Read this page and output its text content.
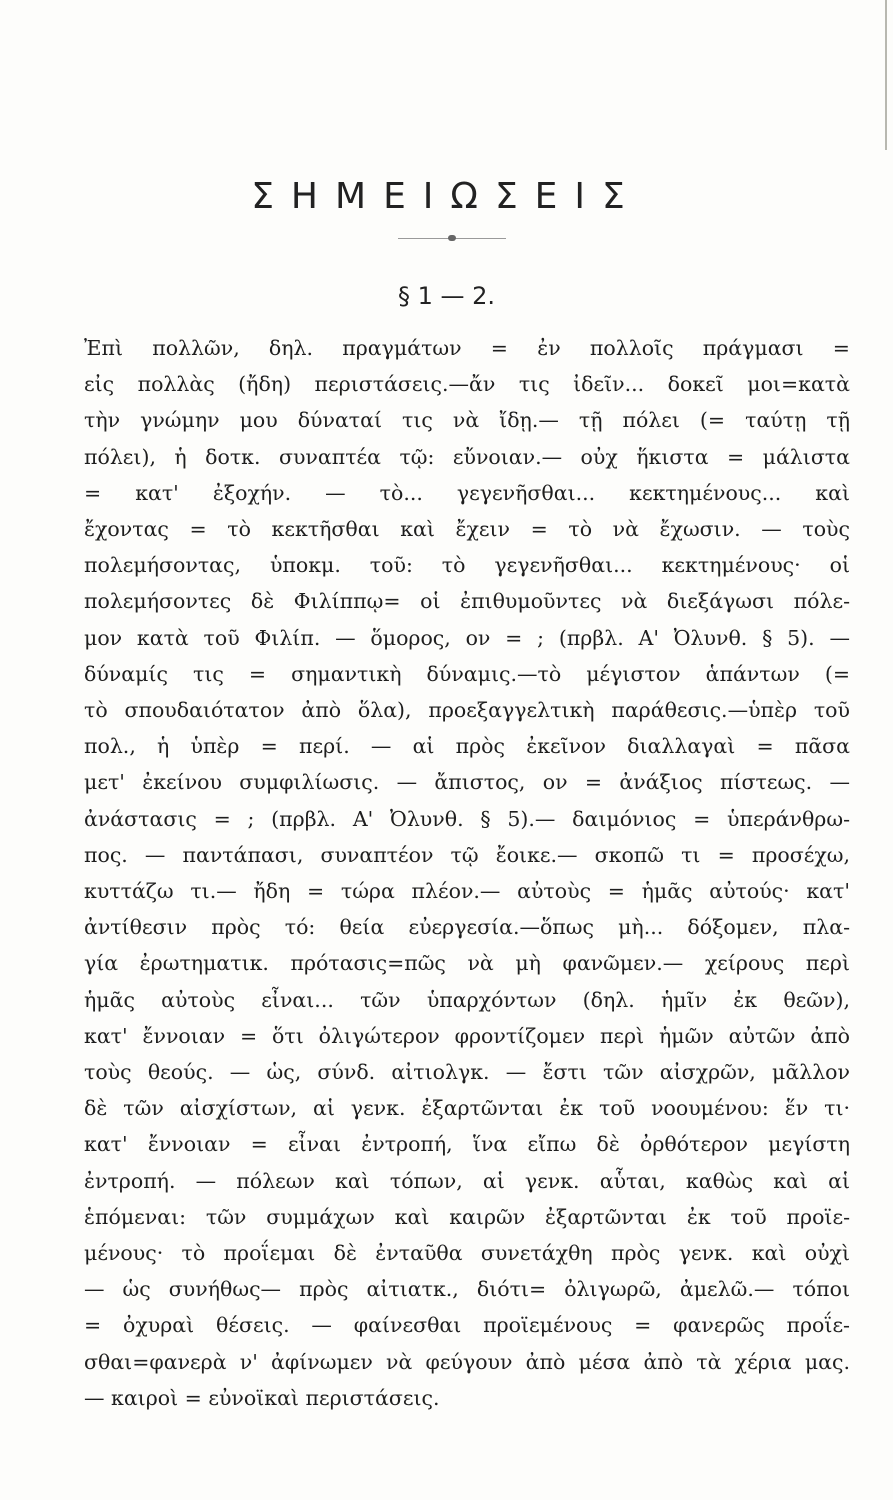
ΣΗΜΕΙΩΣΕΙΣ
§ 1 — 2.
Ἐπὶ πολλῶν, δηλ. πραγμάτων = ἐν πολλοῖς πράγμασι =
εἰς πολλὰς (ἤδη) περιστάσεις.—ἄν τις ἰδεῖν... δοκεῖ μοι=κατὰ
τὴν γνώμην μου δύναταί τις νὰ ἴδῃ.— τῇ πόλει (= ταύτῃ τῇ
πόλει), ἡ δοτκ. συναπτέα τῷ: εὔνοιαν.— οὐχ ἥκιστα = μάλιστα
= κατ' ἐξοχήν. — τὸ... γεγενῆσθαι... κεκτημένους... καὶ
ἔχοντας = τὸ κεκτῆσθαι καὶ ἔχειν = τὸ νὰ ἔχωσιν. — τοὺς
πολεμήσοντας, ὑποκμ. τοῦ: τὸ γεγενῆσθαι... κεκτημένους· οἱ
πολεμήσοντες δὲ Φιλίππῳ= οἱ ἐπιθυμοῦντες νὰ διεξάγωσι πόλε-
μον κατὰ τοῦ Φιλίπ. — ὅμορος, ον = ; (πρβλ. Α' Ὀλυνθ. § 5). —
δύναμίς τις = σημαντικὴ δύναμις.—τὸ μέγιστον ἁπάντων (=
τὸ σπουδαιότατον ἀπὸ ὅλα), προεξαγγελτικὴ παράθεσις.—ὑπὲρ τοῦ
πολ., ἡ ὑπὲρ = περί. — αἱ πρὸς ἐκεῖνον διαλλαγαὶ = πᾶσα
μετ' ἐκείνου συμφιλίωσις. — ἄπιστος, ον = ἀνάξιος πίστεως. —
ἀνάστασις = ; (πρβλ. Α' Ὀλυνθ. § 5).— δαιμόνιος = ὑπεράνθρω-
πος. — παντάπασι, συναπτέον τῷ ἔοικε.— σκοπῶ τι = προσέχω,
κυττάζω τι.— ἤδη = τώρα πλέον.— αὐτοὺς = ἡμᾶς αὐτούς· κατ'
ἀντίθεσιν πρὸς τό: θεία εὐεργεσία.—ὅπως μὴ... δόξομεν, πλα-
γία ἐρωτηματικ. πρότασις=πῶς νὰ μὴ φανῶμεν.— χείρους περὶ
ἡμᾶς αὐτοὺς εἶναι... τῶν ὑπαρχόντων (δηλ. ἡμῖν ἐκ θεῶν),
κατ' ἔννοιαν = ὅτι ὀλιγώτερον φροντίζομεν περὶ ἡμῶν αὐτῶν ἀπὸ
τοὺς θεούς. — ὡς, σύνδ. αἰτιολγκ. — ἔστι τῶν αἰσχρῶν, μᾶλλον
δὲ τῶν αἰσχίστων, αἱ γενκ. ἐξαρτῶνται ἐκ τοῦ νοουμένου: ἕν τι·
κατ' ἔννοιαν = εἶναι ἐντροπή, ἵνα εἴπω δὲ ὀρθότερον μεγίστη
ἐντροπή. — πόλεων καὶ τόπων, αἱ γενκ. αὗται, καθὼς καὶ αἱ
ἑπόμεναι: τῶν συμμάχων καὶ καιρῶν ἐξαρτῶνται ἐκ τοῦ προϊε-
μένους· τὸ προΐεμαι δὲ ἐνταῦθα συνετάχθη πρὸς γενκ. καὶ οὐχὶ
— ὡς συνήθως— πρὸς αἰτιατκ., διότι= ὀλιγωρῶ, ἀμελῶ.— τόποι
= ὀχυραὶ θέσεις. — φαίνεσθαι προϊεμένους = φανερῶς προΐε-
σθαι=φανερὰ ν' ἀφίνωμεν νὰ φεύγουν ἀπὸ μέσα ἀπὸ τὰ χέρια μας.
— καιροὶ = εὐνοϊκαὶ περιστάσεις.
